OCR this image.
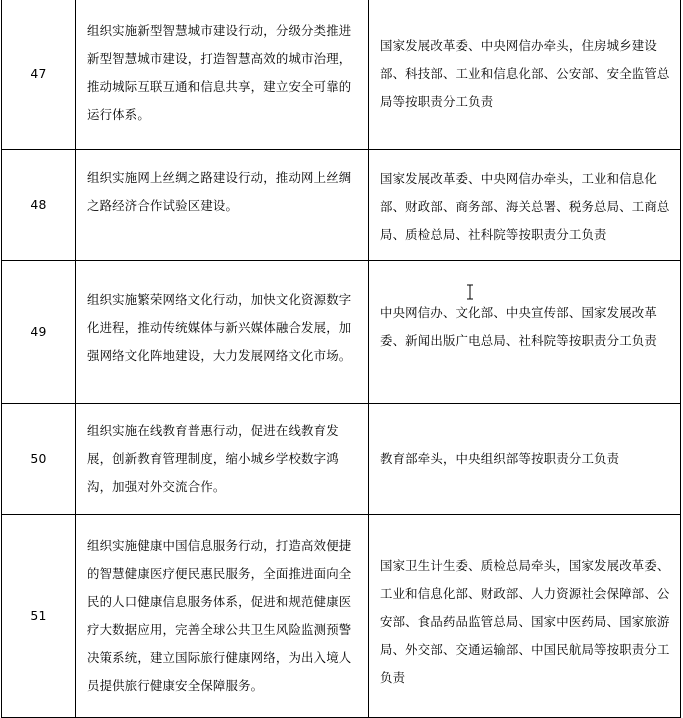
47	组织实施新型智慧城市建设行动，分级分类推进新型智慧城市建设，打造智慧高效的城市治理，推动城际互联互通和信息共享，建立安全可靠的运行体系。	国家发展改革委、中央网信办牵头，住房城乡建设部、科技部、工业和信息化部、公安部、安全监管总局等按职责分工负责

48	组织实施网上丝绸之路建设行动，推动网上丝绸之路经济合作试验区建设。	国家发展改革委、中央网信办牵头，工业和信息化部、财政部、商务部、海关总署、税务总局、工商总局、质检总局、社科院等按职责分工负责

49	组织实施繁荣网络文化行动，加快文化资源数字化进程，推动传统媒体与新兴媒体融合发展，加强网络文化阵地建设，大力发展网络文化市场。	中央网信办、文化部、中央宣传部、国家发展改革委、新闻出版广电总局、社科院等按职责分工负责

50	组织实施在线教育普惠行动，促进在线教育发展，创新教育管理制度，缩小城乡学校数字鸿沟，加强对外交流合作。	教育部牵头，中央组织部等按职责分工负责

51	组织实施健康中国信息服务行动，打造高效便捷的智慧健康医疗便民惠民服务，全面推进面向全民的人口健康信息服务体系，促进和规范健康医疗大数据应用，完善全球公共卫生风险监测预警决策系统，建立国际旅行健康网络，为出入境人员提供旅行健康安全保障服务。	国家卫生计生委、质检总局牵头，国家发展改革委、工业和信息化部、财政部、人力资源社会保障部、公安部、食品药品监管总局、国家中医药局、国家旅游局、外交部、交通运输部、中国民航局等按职责分工负责
